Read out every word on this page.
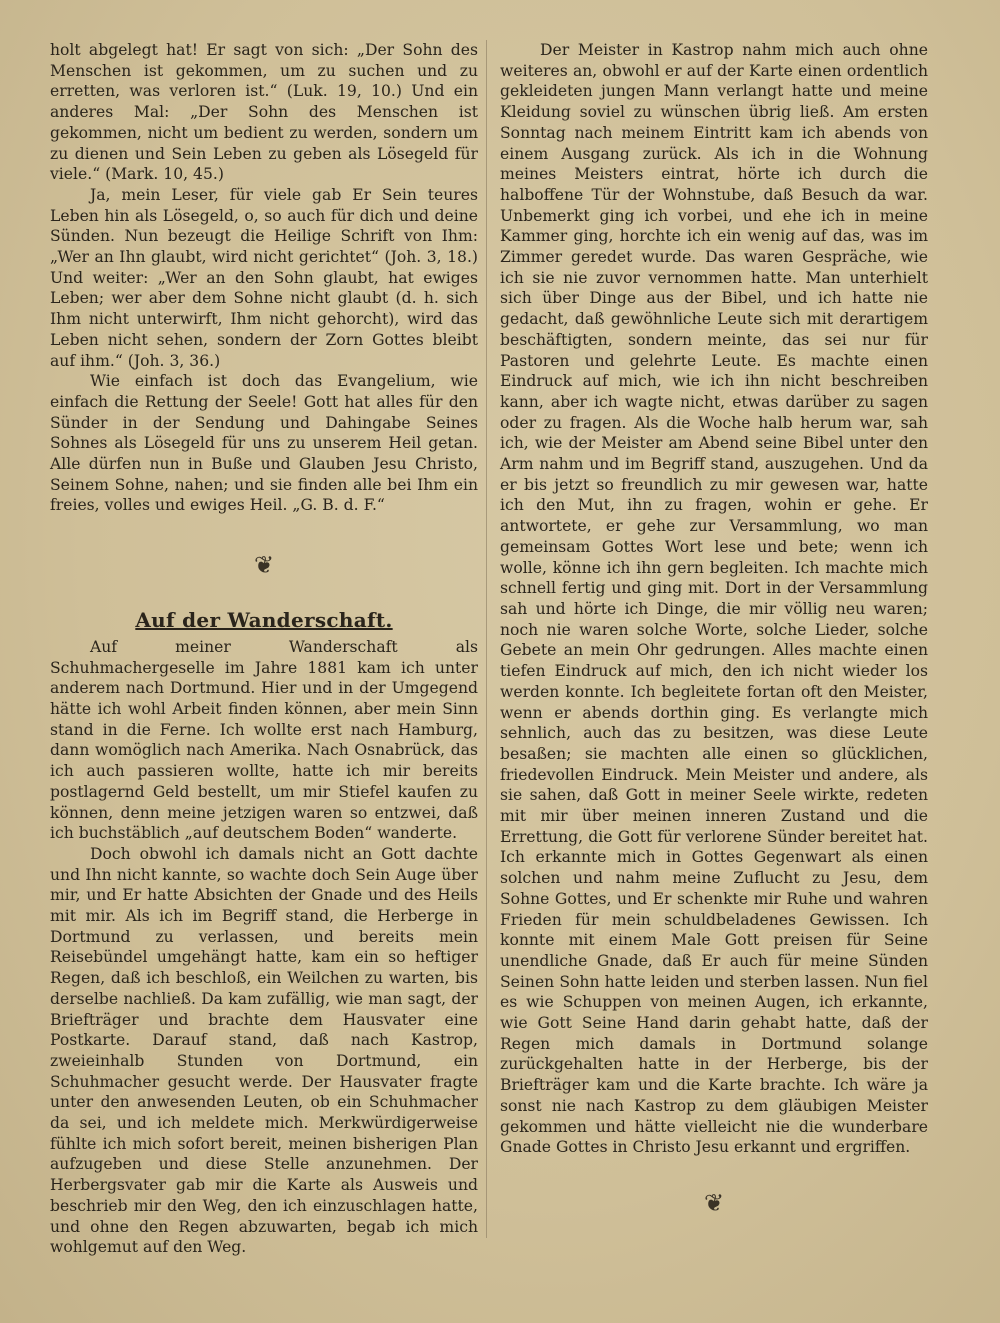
holt abgelegt hat! Er sagt von sich: „Der Sohn des Menschen ist gekommen, um zu suchen und zu erretten, was verloren ist.“ (Luk. 19, 10.) Und ein anderes Mal: „Der Sohn des Menschen ist gekommen, nicht um bedient zu werden, sondern um zu dienen und Sein Leben zu geben als Lösegeld für viele.“ (Mark. 10, 45.)

Ja, mein Leser, für viele gab Er Sein teures Leben hin als Lösegeld, o, so auch für dich und deine Sünden. Nun bezeugt die Heilige Schrift von Ihm: „Wer an Ihn glaubt, wird nicht gerichtet“ (Joh. 3, 18.) Und weiter: „Wer an den Sohn glaubt, hat ewiges Leben; wer aber dem Sohne nicht glaubt (d. h. sich Ihm nicht unterwirft, Ihm nicht gehorcht), wird das Leben nicht sehen, sondern der Zorn Gottes bleibt auf ihm.“ (Joh. 3, 36.)

Wie einfach ist doch das Evangelium, wie einfach die Rettung der Seele! Gott hat alles für den Sünder in der Sendung und Dahingabe Seines Sohnes als Lösegeld für uns zu unserem Heil getan. Alle dürfen nun in Buße und Glauben Jesu Christo, Seinem Sohne, nahen; und sie finden alle bei Ihm ein freies, volles und ewiges Heil. „G. B. d. F.“

❦
Auf der Wanderschaft.

Auf meiner Wanderschaft als Schuhmachergeselle im Jahre 1881 kam ich unter anderem nach Dortmund. Hier und in der Umgegend hätte ich wohl Arbeit finden können, aber mein Sinn stand in die Ferne. Ich wollte erst nach Hamburg, dann womöglich nach Amerika. Nach Osnabrück, das ich auch passieren wollte, hatte ich mir bereits postlagernd Geld bestellt, um mir Stiefel kaufen zu können, denn meine jetzigen waren so entzwei, daß ich buchstäblich „auf deutschem Boden“ wanderte.

Doch obwohl ich damals nicht an Gott dachte und Ihn nicht kannte, so wachte doch Sein Auge über mir, und Er hatte Absichten der Gnade und des Heils mit mir. Als ich im Begriff stand, die Herberge in Dortmund zu verlassen, und bereits mein Reisebündel umgehängt hatte, kam ein so heftiger Regen, daß ich beschloß, ein Weilchen zu warten, bis derselbe nachließ. Da kam zufällig, wie man sagt, der Briefträger und brachte dem Hausvater eine Postkarte. Darauf stand, daß nach Kastrop, zweieinhalb Stunden von Dortmund, ein Schuhmacher gesucht werde. Der Hausvater fragte unter den anwesenden Leuten, ob ein Schuhmacher da sei, und ich meldete mich. Merkwürdigerweise fühlte ich mich sofort bereit, meinen bisherigen Plan aufzugeben und diese Stelle anzunehmen. Der Herbergsvater gab mir die Karte als Ausweis und beschrieb mir den Weg, den ich einzuschlagen hatte, und ohne den Regen abzuwarten, begab ich mich wohlgemut auf den Weg.

Der Meister in Kastrop nahm mich auch ohne weiteres an, obwohl er auf der Karte einen ordentlich gekleideten jungen Mann verlangt hatte und meine Kleidung soviel zu wünschen übrig ließ. Am ersten Sonntag nach meinem Eintritt kam ich abends von einem Ausgang zurück. Als ich in die Wohnung meines Meisters eintrat, hörte ich durch die halboffene Tür der Wohnstube, daß Besuch da war. Unbemerkt ging ich vorbei, und ehe ich in meine Kammer ging, horchte ich ein wenig auf das, was im Zimmer geredet wurde. Das waren Gespräche, wie ich sie nie zuvor vernommen hatte. Man unterhielt sich über Dinge aus der Bibel, und ich hatte nie gedacht, daß gewöhnliche Leute sich mit derartigem beschäftigten, sondern meinte, das sei nur für Pastoren und gelehrte Leute. Es machte einen Eindruck auf mich, wie ich ihn nicht beschreiben kann, aber ich wagte nicht, etwas darüber zu sagen oder zu fragen. Als die Woche halb herum war, sah ich, wie der Meister am Abend seine Bibel unter den Arm nahm und im Begriff stand, auszugehen. Und da er bis jetzt so freundlich zu mir gewesen war, hatte ich den Mut, ihn zu fragen, wohin er gehe. Er antwortete, er gehe zur Versammlung, wo man gemeinsam Gottes Wort lese und bete; wenn ich wolle, könne ich ihn gern begleiten. Ich machte mich schnell fertig und ging mit. Dort in der Versammlung sah und hörte ich Dinge, die mir völlig neu waren; noch nie waren solche Worte, solche Lieder, solche Gebete an mein Ohr gedrungen. Alles machte einen tiefen Eindruck auf mich, den ich nicht wieder los werden konnte. Ich begleitete fortan oft den Meister, wenn er abends dorthin ging. Es verlangte mich sehnlich, auch das zu besitzen, was diese Leute besaßen; sie machten alle einen so glücklichen, friedevollen Eindruck. Mein Meister und andere, als sie sahen, daß Gott in meiner Seele wirkte, redeten mit mir über meinen inneren Zustand und die Errettung, die Gott für verlorene Sünder bereitet hat. Ich erkannte mich in Gottes Gegenwart als einen solchen und nahm meine Zuflucht zu Jesu, dem Sohne Gottes, und Er schenkte mir Ruhe und wahren Frieden für mein schuldbeladenes Gewissen. Ich konnte mit einem Male Gott preisen für Seine unendliche Gnade, daß Er auch für meine Sünden Seinen Sohn hatte leiden und sterben lassen. Nun fiel es wie Schuppen von meinen Augen, ich erkannte, wie Gott Seine Hand darin gehabt hatte, daß der Regen mich damals in Dortmund solange zurückgehalten hatte in der Herberge, bis der Briefträger kam und die Karte brachte. Ich wäre ja sonst nie nach Kastrop zu dem gläubigen Meister gekommen und hätte vielleicht nie die wunderbare Gnade Gottes in Christo Jesu erkannt und ergriffen.

❦
